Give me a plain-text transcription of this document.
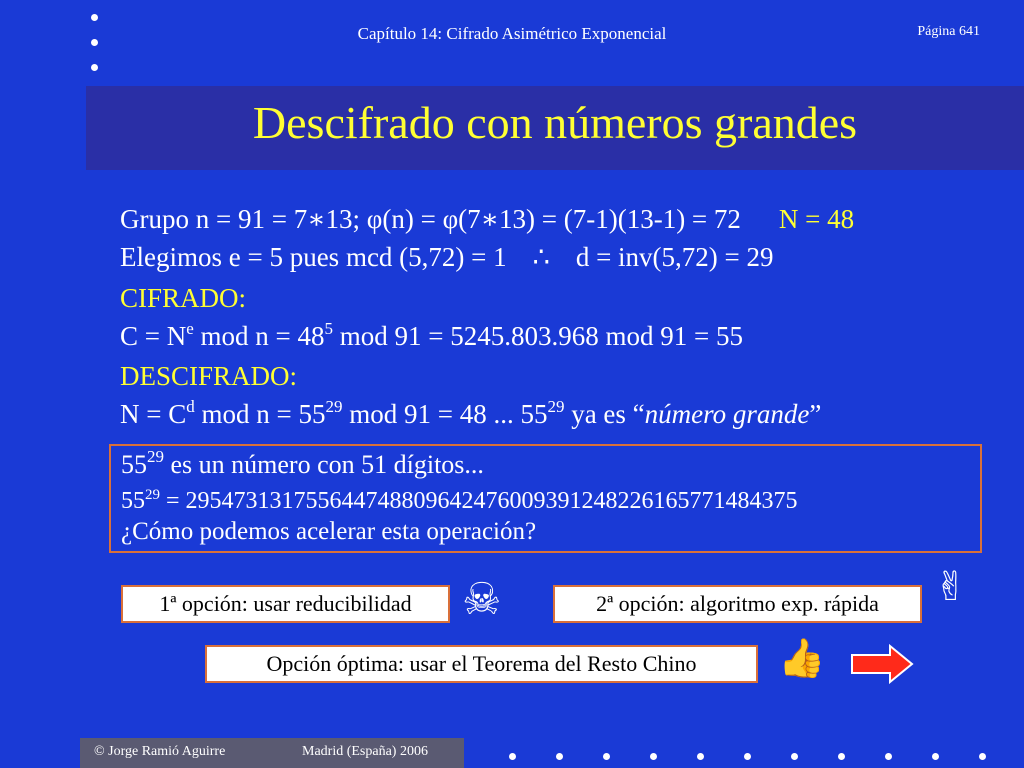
Capítulo 14: Cifrado Asimétrico Exponencial	Página 641
Descifrado con números grandes
Grupo n = 91 = 7∗13; φ(n) = φ(7∗13) = (7-1)(13-1) = 72 N = 48
Elegimos e = 5 pues mcd (5,72) = 1 ∴ d = inv(5,72) = 29
CIFRADO:
$C = N^e$ mod $n = 48^5$ mod 91 = 5245.803.968 mod 91 = 55
DESCIFRADO:
$N = C^d$ mod $n = 55^{29}$ mod 91 = 48 ... $55^{29}$ ya es “número grande”
$55^{29}$ es un número con 51 dígitos...
$55^{29} = 295473131755644748809642476009391248226165771484375$
¿Cómo podemos acelerar esta operación?
1ª opción: usar reducibilidad	☠	2ª opción: algoritmo exp. rápida	✌
Opción óptima: usar el Teorema del Resto Chino	👍
© Jorge Ramió Aguirre	Madrid (España) 2006
